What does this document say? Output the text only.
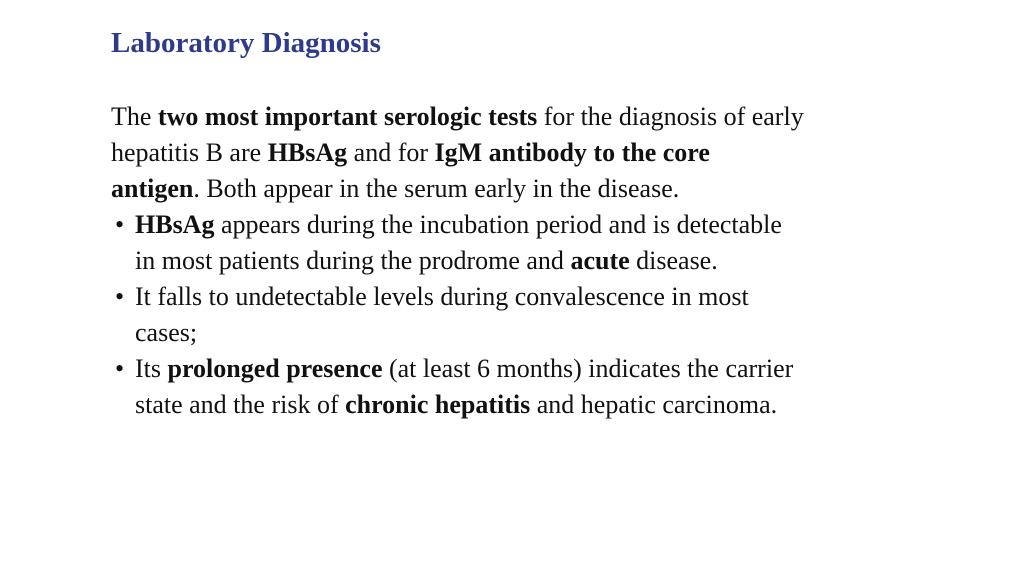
Laboratory Diagnosis

The two most important serologic tests for the diagnosis of early
hepatitis B are HBsAg and for IgM antibody to the core
antigen. Both appear in the serum early in the disease.

• HBsAg appears during the incubation period and is detectable
in most patients during the prodrome and acute disease.
• It falls to undetectable levels during convalescence in most
cases;
• Its prolonged presence (at least 6 months) indicates the carrier
state and the risk of chronic hepatitis and hepatic carcinoma.
